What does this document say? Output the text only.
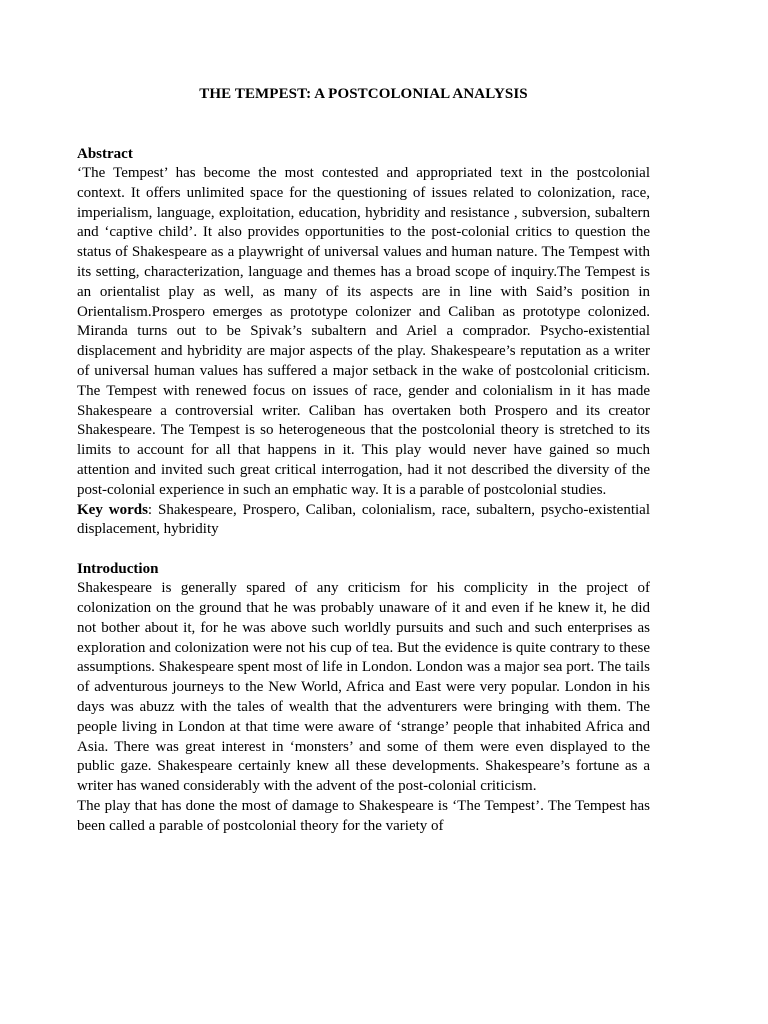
THE TEMPEST: A POSTCOLONIAL ANALYSIS

Abstract

‘The Tempest’ has become the most contested and appropriated text in the postcolonial context. It offers unlimited space for the questioning of issues related to colonization, race, imperialism, language, exploitation, education, hybridity and resistance , subversion, subaltern and ‘captive child’. It also provides opportunities to the post-colonial critics to question the status of Shakespeare as a playwright of universal values and human nature. The Tempest with its setting, characterization, language and themes has a broad scope of inquiry.The Tempest is an orientalist play as well, as many of its aspects are in line with Said’s position in Orientalism.Prospero emerges as prototype colonizer and Caliban as prototype colonized. Miranda turns out to be Spivak’s subaltern and Ariel a comprador. Psycho-existential displacement and hybridity are major aspects of the play. Shakespeare’s reputation as a writer of universal human values has suffered a major setback in the wake of postcolonial criticism. The Tempest with renewed focus on issues of race, gender and colonialism in it has made Shakespeare a controversial writer. Caliban has overtaken both Prospero and its creator Shakespeare. The Tempest is so heterogeneous that the postcolonial theory is stretched to its limits to account for all that happens in it. This play would never have gained so much attention and invited such great critical interrogation, had it not described the diversity of the post-colonial experience in such an emphatic way. It is a parable of postcolonial studies.

Key words: Shakespeare, Prospero, Caliban, colonialism, race, subaltern, psycho-existential displacement, hybridity

Introduction

Shakespeare is generally spared of any criticism for his complicity in the project of colonization on the ground that he was probably unaware of it and even if he knew it, he did not bother about it, for he was above such worldly pursuits and such and such enterprises as exploration and colonization were not his cup of tea. But the evidence is quite contrary to these assumptions. Shakespeare spent most of life in London. London was a major sea port. The tails of adventurous journeys to the New World, Africa and East were very popular. London in his days was abuzz with the tales of wealth that the adventurers were bringing with them. The people living in London at that time were aware of ‘strange’ people that inhabited Africa and Asia. There was great interest in ‘monsters’ and some of them were even displayed to the public gaze. Shakespeare certainly knew all these developments. Shakespeare’s fortune as a writer has waned considerably with the advent of the post-colonial criticism.

The play that has done the most of damage to Shakespeare is ‘The Tempest’. The Tempest has been called a parable of postcolonial theory for the variety of
